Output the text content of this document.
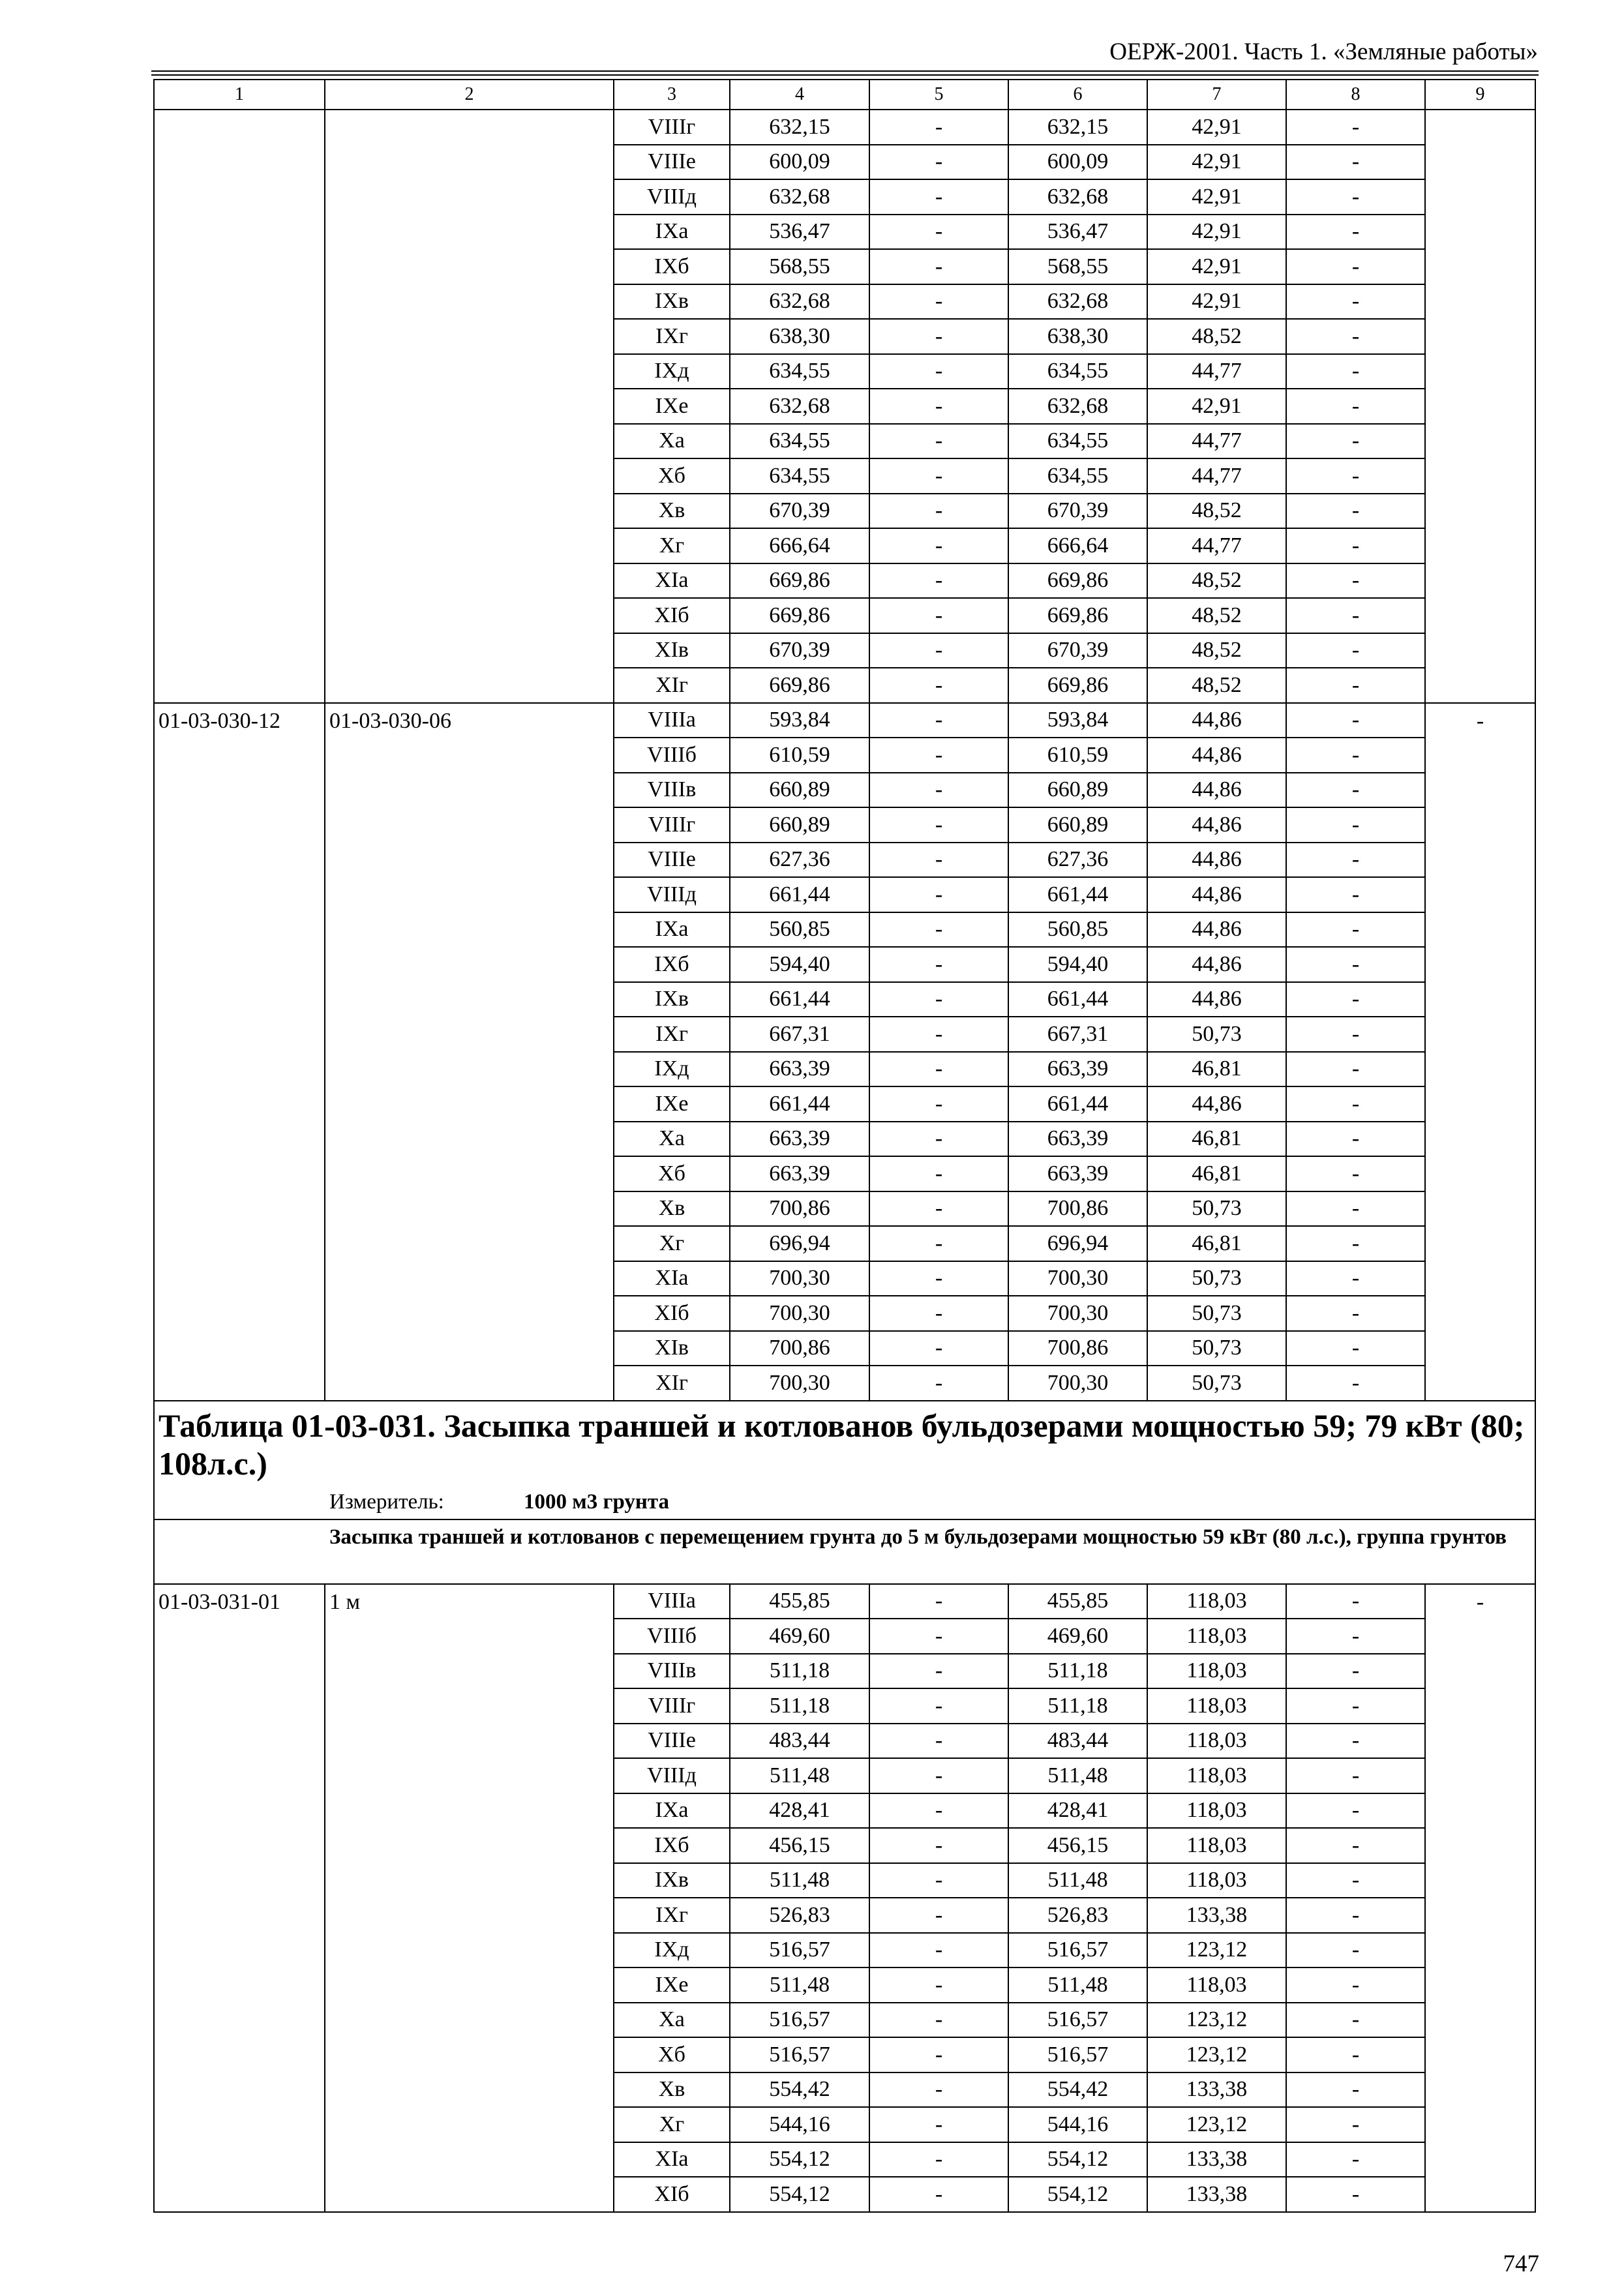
ОЕРЖ-2001. Часть 1. «Земляные работы»
1	2	3	4	5	6	7	8	9
		VIIIг	632,15	-	632,15	42,91	-	
		VIIIе	600,09	-	600,09	42,91	-	
		VIIIд	632,68	-	632,68	42,91	-	
		IXа	536,47	-	536,47	42,91	-	
		IXб	568,55	-	568,55	42,91	-	
		IXв	632,68	-	632,68	42,91	-	
		IXг	638,30	-	638,30	48,52	-	
		IXд	634,55	-	634,55	44,77	-	
		IXе	632,68	-	632,68	42,91	-	
		Xа	634,55	-	634,55	44,77	-	
		Xб	634,55	-	634,55	44,77	-	
		Xв	670,39	-	670,39	48,52	-	
		Xг	666,64	-	666,64	44,77	-	
		XIа	669,86	-	669,86	48,52	-	
		XIб	669,86	-	669,86	48,52	-	
		XIв	670,39	-	670,39	48,52	-	
		XIг	669,86	-	669,86	48,52	-	
01-03-030-12	01-03-030-06	VIIIа	593,84	-	593,84	44,86	-	-
		VIIIб	610,59	-	610,59	44,86	-	
		VIIIв	660,89	-	660,89	44,86	-	
		VIIIг	660,89	-	660,89	44,86	-	
		VIIIе	627,36	-	627,36	44,86	-	
		VIIIд	661,44	-	661,44	44,86	-	
		IXа	560,85	-	560,85	44,86	-	
		IXб	594,40	-	594,40	44,86	-	
		IXв	661,44	-	661,44	44,86	-	
		IXг	667,31	-	667,31	50,73	-	
		IXд	663,39	-	663,39	46,81	-	
		IXе	661,44	-	661,44	44,86	-	
		Xа	663,39	-	663,39	46,81	-	
		Xб	663,39	-	663,39	46,81	-	
		Xв	700,86	-	700,86	50,73	-	
		Xг	696,94	-	696,94	46,81	-	
		XIа	700,30	-	700,30	50,73	-	
		XIб	700,30	-	700,30	50,73	-	
		XIв	700,86	-	700,86	50,73	-	
		XIг	700,30	-	700,30	50,73	-	

Таблица 01-03-031. Засыпка траншей и котлованов бульдозерами мощностью 59; 79 кВт (80; 108л.с.)
Измеритель: 1000 м3 грунта								

Засыпка траншей и котлованов с перемещением грунта до 5 м бульдозерами мощностью 59 кВт (80 л.с.), группа грунтов								

01-03-031-01	1 м	VIIIа	455,85	-	455,85	118,03	-	-
		VIIIб	469,60	-	469,60	118,03	-	
		VIIIв	511,18	-	511,18	118,03	-	
		VIIIг	511,18	-	511,18	118,03	-	
		VIIIе	483,44	-	483,44	118,03	-	
		VIIIд	511,48	-	511,48	118,03	-	
		IXа	428,41	-	428,41	118,03	-	
		IXб	456,15	-	456,15	118,03	-	
		IXв	511,48	-	511,48	118,03	-	
		IXг	526,83	-	526,83	133,38	-	
		IXд	516,57	-	516,57	123,12	-	
		IXе	511,48	-	511,48	118,03	-	
		Xа	516,57	-	516,57	123,12	-	
		Xб	516,57	-	516,57	123,12	-	
		Xв	554,42	-	554,42	133,38	-	
		Xг	544,16	-	544,16	123,12	-	
		XIа	554,12	-	554,12	133,38	-	
		XIб	554,12	-	554,12	133,38	-	
747
